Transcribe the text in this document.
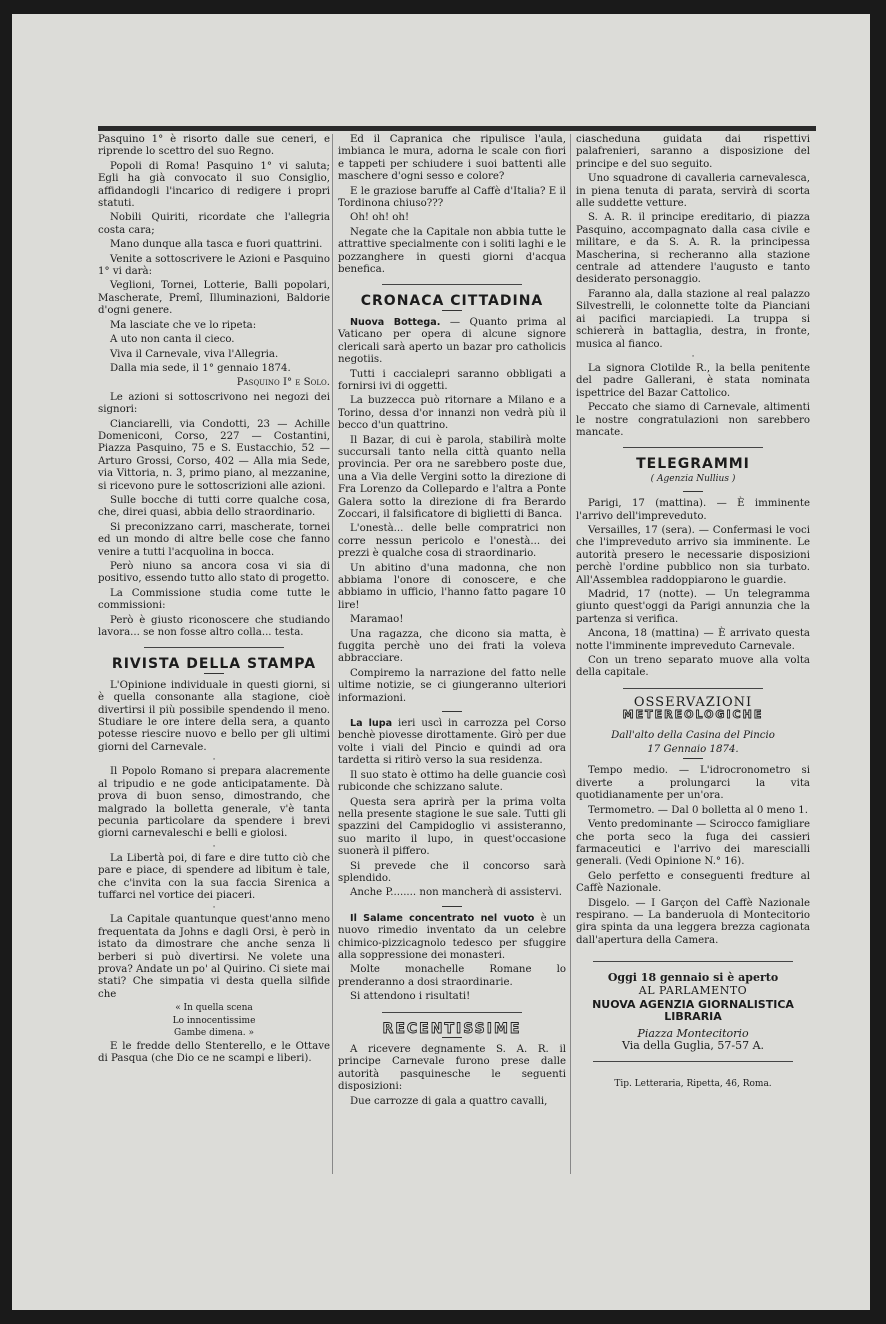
Pasquino 1° è risorto dalle sue ceneri, e riprende lo scettro del suo Regno.

Popoli di Roma! Pasquino 1° vi saluta; Egli ha già convocato il suo Consiglio, affidandogli l'incarico di redigere i propri statuti.

Nobili Quiriti, ricordate che l'allegria costa cara;

Mano dunque alla tasca e fuori quattrini.

Venite a sottoscrivere le Azioni e Pasquino 1° vi darà:

Veglioni, Tornei, Lotterie, Balli popolari, Mascherate, Premî, Illuminazioni, Baldorie d'ogni genere.

Ma lasciate che ve lo ripeta:

A uto non canta il cieco.

Viva il Carnevale, viva l'Allegria.

Dalla mia sede, il 1° gennaio 1874.

Pasquino I° e Solo.

Le azioni si sottoscrivono nei negozi dei signori:

Cianciarelli, via Condotti, 23 — Achille Domeniconi, Corso, 227 — Costantini, Piazza Pasquino, 75 e S. Eustacchio, 52 — Arturo Grossi, Corso, 402 — Alla mia Sede, via Vittoria, n. 3, primo piano, al mezzanine, si ricevono pure le sottoscrizioni alle azioni.

Sulle bocche di tutti corre qualche cosa, che, direi quasi, abbia dello straordinario.

Si preconizzano carri, mascherate, tornei ed un mondo di altre belle cose che fanno venire a tutti l'acquolina in bocca.

Però niuno sa ancora cosa vi sia di positivo, essendo tutto allo stato di progetto.

La Commissione studia come tutte le commissioni:

Però è giusto riconoscere che studiando lavora... se non fosse altro colla... testa.

RIVISTA DELLA STAMPA

L'Opinione individuale in questi giorni, si è quella consonante alla stagione, cioè divertirsi il più possibile spendendo il meno. Studiare le ore intere della sera, a quanto potesse riescire nuovo e bello per gli ultimi giorni del Carnevale.

·

Il Popolo Romano si prepara alacremente al tripudio e ne gode anticipatamente. Dà prova di buon senso, dimostrando, che malgrado la bolletta generale, v'è tanta pecunia particolare da spendere i brevi giorni carnevaleschi e belli e giolosi.

·

La Libertà poi, di fare e dire tutto ciò che pare e piace, di spendere ad libitum è tale, che c'invita con la sua faccia Sirenica a tuffarci nel vortice dei piaceri.

·

La Capitale quantunque quest'anno meno frequentata da Johns e dagli Orsi, è però in istato da dimostrare che anche senza li berberi si può divertirsi. Ne volete una prova? Andate un po' al Quirino. Ci siete mai stati? Che simpatia vi desta quella silfide che

« In quella scena
Lo innocentissime
Gambe dimena. »

E le fredde dello Stenterello, e le Ottave di Pasqua (che Dio ce ne scampi e liberi).

Ed il Capranica che ripulisce l'aula, imbianca le mura, adorna le scale con fiori e tappeti per schiudere i suoi battenti alle maschere d'ogni sesso e colore?

E le graziose baruffe al Caffè d'Italia? E il Tordinona chiuso???

Oh! oh! oh!

Negate che la Capitale non abbia tutte le attrattive specialmente con i soliti laghi e le pozzanghere in questi giorni d'acqua benefica.

CRONACA CITTADINA

Nuova Bottega. — Quanto prima al Vaticano per opera di alcune signore clericali sarà aperto un bazar pro catholicis negotiis.

Tutti i caccialepri saranno obbligati a fornirsi ivi di oggetti.

La buzzecca può ritornare a Milano e a Torino, dessa d'or innanzi non vedrà più il becco d'un quattrino.

Il Bazar, di cui è parola, stabilirà molte succursali tanto nella città quanto nella provincia. Per ora ne sarebbero poste due, una a Via delle Vergini sotto la direzione di Fra Lorenzo da Collepardo e l'altra a Ponte Galera sotto la direzione di fra Berardo Zoccari, il falsificatore di biglietti di Banca.

L'onestà... delle belle compratrici non corre nessun pericolo e l'onestà... dei prezzi è qualche cosa di straordinario.

Un abitino d'una madonna, che non abbiama l'onore di conoscere, e che abbiamo in ufficio, l'hanno fatto pagare 10 lire!

Maramao!

Una ragazza, che dicono sia matta, è fuggita perchè uno dei frati la voleva abbracciare.

Compiremo la narrazione del fatto nelle ultime notizie, se ci giungeranno ulteriori informazioni.

La lupa ieri uscì in carrozza pel Corso benchè piovesse dirottamente. Girò per due volte i viali del Pincio e quindi ad ora tardetta si ritirò verso la sua residenza.

Il suo stato è ottimo ha delle guancie così rubiconde che schizzano salute.

Questa sera aprirà per la prima volta nella presente stagione le sue sale. Tutti gli spazzini del Campidoglio vi assisteranno, suo marito il lupo, in quest'occasione suonerà il piffero.

Si prevede che il concorso sarà splendido.

Anche P........ non mancherà di assistervi.

Il Salame concentrato nel vuoto è un nuovo rimedio inventato da un celebre chimico-pizzicagnolo tedesco per sfuggire alla soppressione dei monasteri.

Molte monachelle Romane lo prenderanno a dosi straordinarie.

Si attendono i risultati!

RECENTISSIME

A ricevere degnamente S. A. R. il principe Carnevale furono prese dalle autorità pasquinesche le seguenti disposizioni:

Due carrozze di gala a quattro cavalli,

ciascheduna guidata dai rispettivi palafrenieri, saranno a disposizione del principe e del suo seguito.

Uno squadrone di cavalleria carnevalesca, in piena tenuta di parata, servirà di scorta alle suddette vetture.

S. A. R. il principe ereditario, di piazza Pasquino, accompagnato dalla casa civile e militare, e da S. A. R. la principessa Mascherina, si recheranno alla stazione centrale ad attendere l'augusto e tanto desiderato personaggio.

Faranno ala, dalla stazione al real palazzo Silvestrelli, le colonnette tolte da Pianciani ai pacifici marciapiedi. La truppa si schiererà in battaglia, destra, in fronte, musica al fianco.

·

La signora Clotilde R., la bella penitente del padre Gallerani, è stata nominata ispettrice del Bazar Cattolico.

Peccato che siamo di Carnevale, altimenti le nostre congratulazioni non sarebbero mancate.

TELEGRAMMI

( Agenzia Nullius )

Parigi, 17 (mattina). — È imminente l'arrivo dell'impreveduto.

Versailles, 17 (sera). — Confermasi le voci che l'impreveduto arrivo sia imminente. Le autorità presero le necessarie disposizioni perchè l'ordine pubblico non sia turbato. All'Assemblea raddoppiarono le guardie.

Madrid, 17 (notte). — Un telegramma giunto quest'oggi da Parigi annunzia che la partenza si verifica.

Ancona, 18 (mattina) — È arrivato questa notte l'imminente impreveduto Carnevale.

Con un treno separato muove alla volta della capitale.

OSSERVAZIONI
METEREOLOGICHE

Dall'alto della Casina del Pincio

17 Gennaio 1874.

Tempo medio. — L'idrocronometro si diverte a prolungarci la vita quotidianamente per un'ora.

Termometro. — Dal 0 bolletta al 0 meno 1.

Vento predominante — Scirocco famigliare che porta seco la fuga dei cassieri farmaceutici e l'arrivo dei marescialli generali. (Vedi Opinione N.° 16).

Gelo perfetto e conseguenti fredture al Caffè Nazionale.

Disgelo. — I Garçon del Caffè Nazionale respirano. — La banderuola di Montecitorio gira spinta da una leggera brezza cagionata dall'apertura della Camera.

Oggi 18 gennaio si è aperto
AL PARLAMENTO
NUOVA AGENZIA GIORNALISTICA LIBRARIA
Piazza Montecitorio
Via della Guglia, 57-57 A.
Tip. Letteraria, Ripetta, 46, Roma.
